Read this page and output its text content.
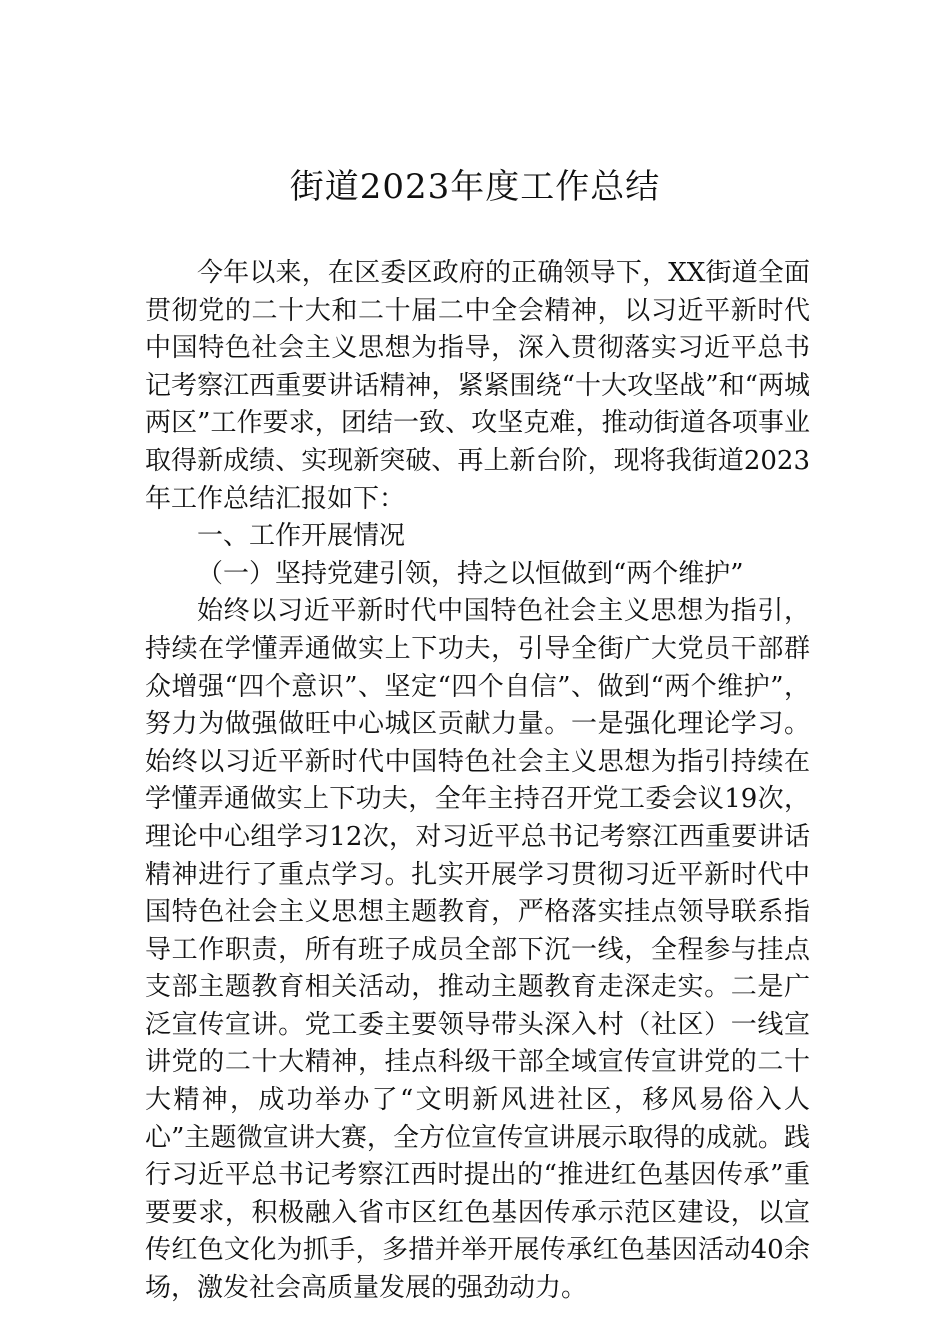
街道2023年度工作总结

今年以来，在区委区政府的正确领导下，XX街道全面贯彻党的二十大和二十届二中全会精神，以习近平新时代中国特色社会主义思想为指导，深入贯彻落实习近平总书记考察江西重要讲话精神，紧紧围绕“十大攻坚战”和“两城两区”工作要求，团结一致、攻坚克难，推动街道各项事业取得新成绩、实现新突破、再上新台阶，现将我街道2023年工作总结汇报如下：

一、工作开展情况

（一）坚持党建引领，持之以恒做到“两个维护”

始终以习近平新时代中国特色社会主义思想为指引，持续在学懂弄通做实上下功夫，引导全街广大党员干部群众增强“四个意识”、坚定“四个自信”、做到“两个维护”，努力为做强做旺中心城区贡献力量。一是强化理论学习。始终以习近平新时代中国特色社会主义思想为指引持续在学懂弄通做实上下功夫，全年主持召开党工委会议19次，理论中心组学习12次，对习近平总书记考察江西重要讲话精神进行了重点学习。扎实开展学习贯彻习近平新时代中国特色社会主义思想主题教育，严格落实挂点领导联系指导工作职责，所有班子成员全部下沉一线，全程参与挂点支部主题教育相关活动，推动主题教育走深走实。二是广泛宣传宣讲。党工委主要领导带头深入村（社区）一线宣讲党的二十大精神，挂点科级干部全域宣传宣讲党的二十大精神，成功举办了“文明新风进社区，移风易俗入人心”主题微宣讲大赛，全方位宣传宣讲展示取得的成就。践行习近平总书记考察江西时提出的“推进红色基因传承”重要要求，积极融入省市区红色基因传承示范区建设，以宣传红色文化为抓手，多措并举开展传承红色基因活动40余场，激发社会高质量发展的强劲动力。
